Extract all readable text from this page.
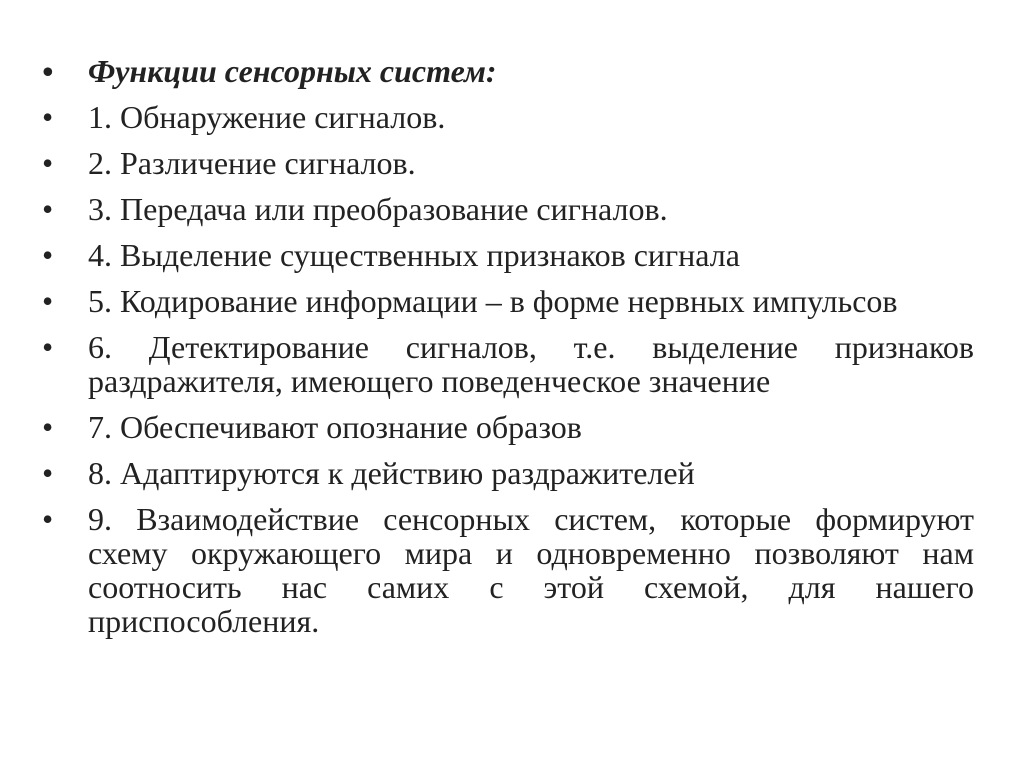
• Функции сенсорных систем:
• 1. Обнаружение сигналов.
• 2. Различение сигналов.
• 3. Передача или преобразование сигналов.
• 4. Выделение существенных признаков сигнала
• 5. Кодирование информации – в форме нервных импульсов
• 6. Детектирование сигналов, т.е. выделение признаков раздражителя, имеющего поведенческое значение
• 7. Обеспечивают опознание образов
• 8. Адаптируются к действию раздражителей
• 9. Взаимодействие сенсорных систем, которые формируют схему окружающего мира и одновременно позволяют нам соотносить нас самих с этой схемой, для нашего приспособления.
